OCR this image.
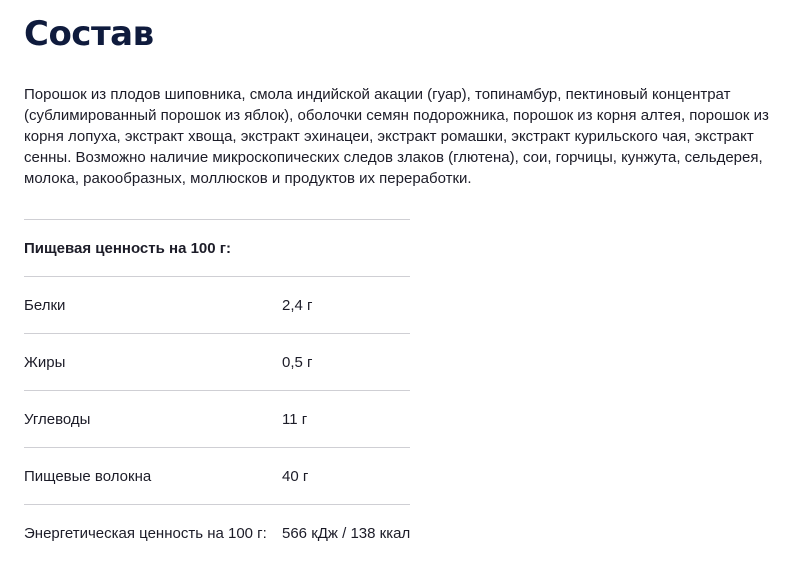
Состав

Порошок из плодов шиповника, смола индийской акации (гуар), топинамбур, пектиновый концентрат (сублимированный порошок из яблок), оболочки семян подорожника, порошок из корня алтея, порошок из корня лопуха, экстракт хвоща, экстракт эхинацеи, экстракт ромашки, экстракт курильского чая, экстракт сенны. Возможно наличие микроскопических следов злаков (глютена), сои, горчицы, кунжута, сельдерея, молока, ракообразных, моллюсков и продуктов их переработки.

Пищевая ценность на 100 г:
Белки	2,4 г
Жиры	0,5 г
Углеводы	11 г
Пищевые волокна	40 г
Энергетическая ценность на 100 г:	566 кДж / 138 ккал
